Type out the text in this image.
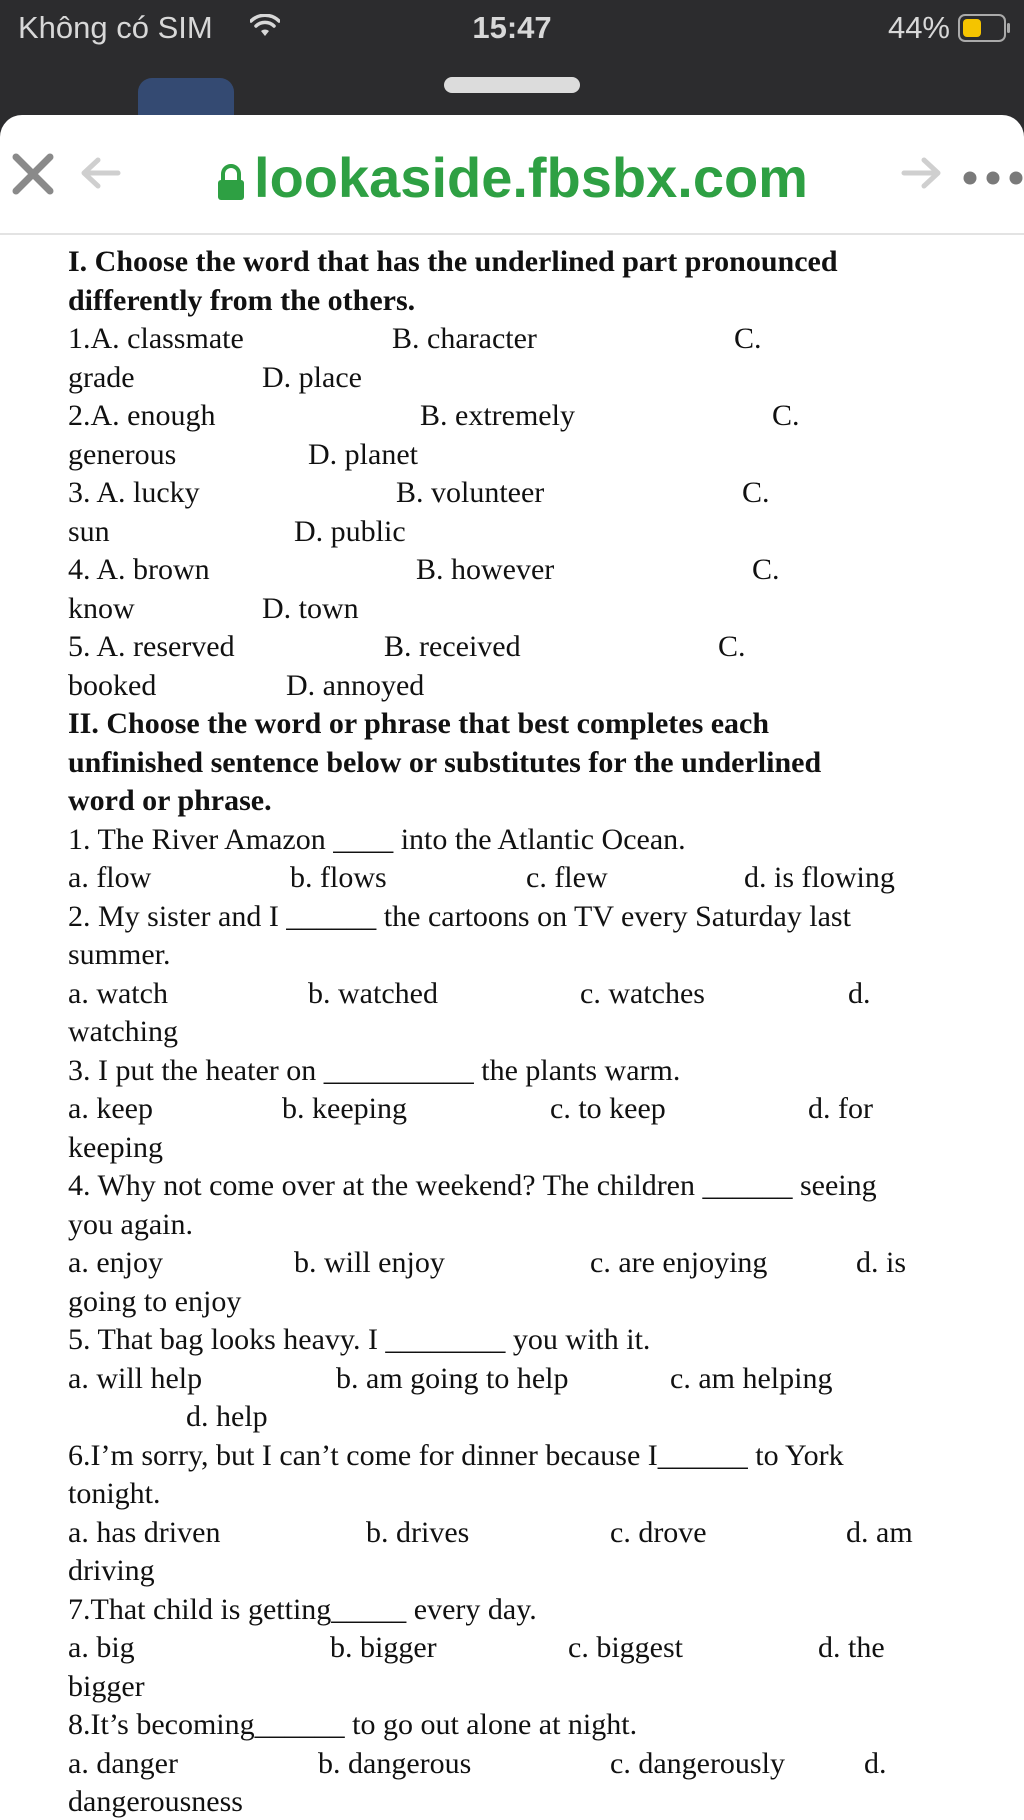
Không có SIM	15:47	44%
lookaside.fbsbx.com
I. Choose the word that has the underlined part pronounced
differently from the others.
1.A. classmate	B. character	C.
grade	D. place
2.A. enough	B. extremely	C.
generous	D. planet
3. A. lucky	B. volunteer	C.
sun	D. public
4. A. brown	B. however	C.
know	D. town
5. A. reserved	B. received	C.
booked	D. annoyed
II. Choose the word or phrase that best completes each
unfinished sentence below or substitutes for the underlined
word or phrase.
1. The River Amazon ____ into the Atlantic Ocean.
a. flow	b. flows	c. flew	d. is flowing
2. My sister and I ______ the cartoons on TV every Saturday last
summer.
a. watch	b. watched	c. watches	d.
watching
3. I put the heater on __________ the plants warm.
a. keep	b. keeping	c. to keep	d. for
keeping
4. Why not come over at the weekend? The children ______ seeing
you again.
a. enjoy	b. will enjoy	c. are enjoying	d. is
going to enjoy
5. That bag looks heavy. I ________ you with it.
a. will help	b. am going to help	c. am helping
d. help
6.I’m sorry, but I can’t come for dinner because I______ to York
tonight.
a. has driven	b. drives	c. drove	d. am
driving
7.That child is getting_____ every day.
a. big	b. bigger	c. biggest	d. the
bigger
8.It’s becoming______ to go out alone at night.
a. danger	b. dangerous	c. dangerously	d.
dangerousness
